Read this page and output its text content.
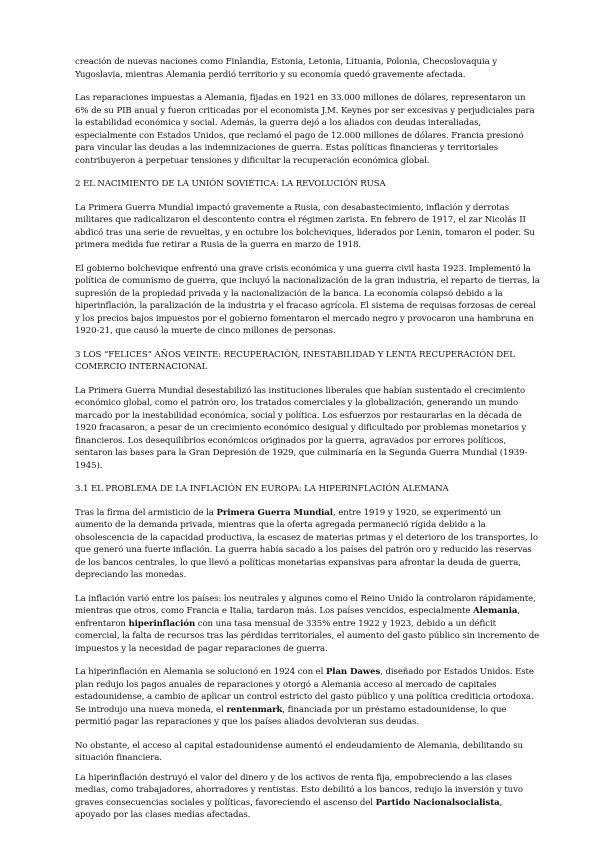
creación de nuevas naciones como Finlandia, Estonia, Letonia, Lituania, Polonia, Checoslovaquia y Yugoslavia, mientras Alemania perdió territorio y su economía quedó gravemente afectada.

Las reparaciones impuestas a Alemania, fijadas en 1921 en 33.000 millones de dólares, representaron un 6% de su PIB anual y fueron criticadas por el economista J.M. Keynes por ser excesivas y perjudiciales para la estabilidad económica y social. Además, la guerra dejó a los aliados con deudas interaliadas, especialmente con Estados Unidos, que reclamó el pago de 12.000 millones de dólares. Francia presionó para vincular las deudas a las indemnizaciones de guerra. Estas políticas financieras y territoriales contribuyeron a perpetuar tensiones y dificultar la recuperación económica global.

2 EL NACIMIENTO DE LA UNIÓN SOVIÉTICA: LA REVOLUCIÓN RUSA

La Primera Guerra Mundial impactó gravemente a Rusia, con desabastecimiento, inflación y derrotas militares que radicalizaron el descontento contra el régimen zarista. En febrero de 1917, el zar Nicolás II abdicó tras una serie de revueltas, y en octubre los bolcheviques, liderados por Lenin, tomaron el poder. Su primera medida fue retirar a Rusia de la guerra en marzo de 1918.

El gobierno bolchevique enfrentó una grave crisis económica y una guerra civil hasta 1923. Implementó la política de comunismo de guerra, que incluyó la nacionalización de la gran industria, el reparto de tierras, la supresión de la propiedad privada y la nacionalización de la banca. La economía colapsó debido a la hiperinflación, la paralización de la industria y el fracaso agrícola. El sistema de requisas forzosas de cereal y los precios bajos impuestos por el gobierno fomentaron el mercado negro y provocaron una hambruna en 1920-21, que causó la muerte de cinco millones de personas.

3 LOS “FELICES” AÑOS VEINTE: RECUPERACIÓN, INESTABILIDAD Y LENTA RECUPERACIÓN DEL COMERCIO INTERNACIONAL

La Primera Guerra Mundial desestabilizó las instituciones liberales que habían sustentado el crecimiento económico global, como el patrón oro, los tratados comerciales y la globalización, generando un mundo marcado por la inestabilidad económica, social y política. Los esfuerzos por restaurarlas en la década de 1920 fracasaron, a pesar de un crecimiento económico desigual y dificultado por problemas monetarios y financieros. Los desequilibrios económicos originados por la guerra, agravados por errores políticos, sentaron las bases para la Gran Depresión de 1929, que culminaría en la Segunda Guerra Mundial (1939-1945).

3.1 EL PROBLEMA DE LA INFLACIÓN EN EUROPA: LA HIPERINFLACIÓN ALEMANA

Tras la firma del armisticio de la Primera Guerra Mundial, entre 1919 y 1920, se experimentó un aumento de la demanda privada, mientras que la oferta agregada permaneció rígida debido a la obsolescencia de la capacidad productiva, la escasez de materias primas y el deterioro de los transportes, lo que generó una fuerte inflación. La guerra había sacado a los países del patrón oro y reducido las reservas de los bancos centrales, lo que llevó a políticas monetarias expansivas para afrontar la deuda de guerra, depreciando las monedas.

La inflación varió entre los países: los neutrales y algunos como el Reino Unido la controlaron rápidamente, mientras que otros, como Francia e Italia, tardaron más. Los países vencidos, especialmente Alemania, enfrentaron hiperinflación con una tasa mensual de 335% entre 1922 y 1923, debido a un déficit comercial, la falta de recursos tras las pérdidas territoriales, el aumento del gasto público sin incremento de impuestos y la necesidad de pagar reparaciones de guerra.

La hiperinflación en Alemania se solucionó en 1924 con el Plan Dawes, diseñado por Estados Unidos. Este plan redujo los pagos anuales de reparaciones y otorgó a Alemania acceso al mercado de capitales estadounidense, a cambio de aplicar un control estricto del gasto público y una política crediticia ortodoxa. Se introdujo una nueva moneda, el rentenmark, financiada por un préstamo estadounidense, lo que permitió pagar las reparaciones y que los países aliados devolvieran sus deudas.

No obstante, el acceso al capital estadounidense aumentó el endeudamiento de Alemania, debilitando su situación financiera.

La hiperinflación destruyó el valor del dinero y de los activos de renta fija, empobreciendo a las clases medias, como trabajadores, ahorradores y rentistas. Esto debilitó a los bancos, redujo la inversión y tuvo graves consecuencias sociales y políticas, favoreciendo el ascenso del Partido Nacionalsocialista, apoyado por las clases medias afectadas.
